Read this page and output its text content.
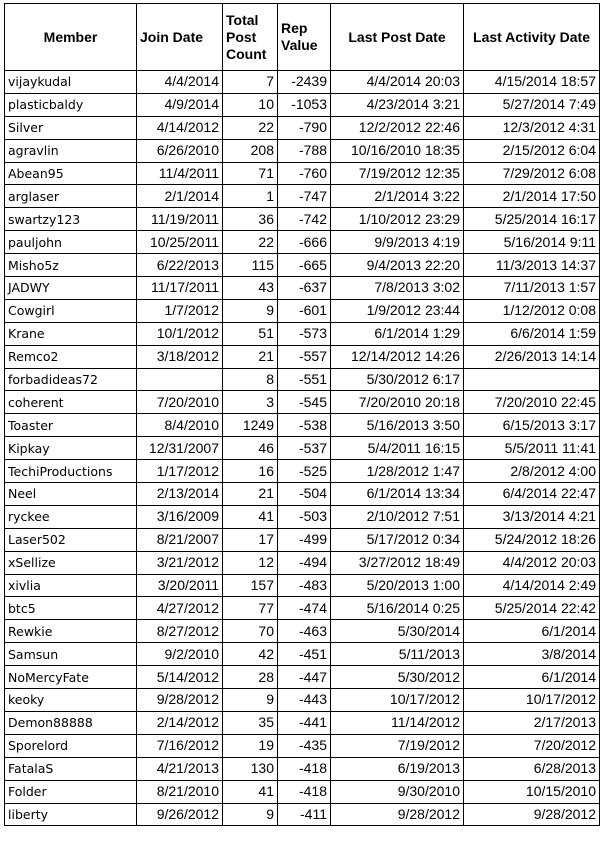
Member	Join Date	Total Post Count	Rep Value	Last Post Date	Last Activity Date
vijaykudal	4/4/2014	7	-2439	4/4/2014 20:03	4/15/2014 18:57
plasticbaldy	4/9/2014	10	-1053	4/23/2014 3:21	5/27/2014 7:49
Silver	4/14/2012	22	-790	12/2/2012 22:46	12/3/2012 4:31
agravlin	6/26/2010	208	-788	10/16/2010 18:35	2/15/2012 6:04
Abean95	11/4/2011	71	-760	7/19/2012 12:35	7/29/2012 6:08
arglaser	2/1/2014	1	-747	2/1/2014 3:22	2/1/2014 17:50
swartzy123	11/19/2011	36	-742	1/10/2012 23:29	5/25/2014 16:17
pauljohn	10/25/2011	22	-666	9/9/2013 4:19	5/16/2014 9:11
Misho5z	6/22/2013	115	-665	9/4/2013 22:20	11/3/2013 14:37
JADWY	11/17/2011	43	-637	7/8/2013 3:02	7/11/2013 1:57
Cowgirl	1/7/2012	9	-601	1/9/2012 23:44	1/12/2012 0:08
Krane	10/1/2012	51	-573	6/1/2014 1:29	6/6/2014 1:59
Remco2	3/18/2012	21	-557	12/14/2012 14:26	2/26/2013 14:14
forbadideas72		8	-551	5/30/2012 6:17	
coherent	7/20/2010	3	-545	7/20/2010 20:18	7/20/2010 22:45
Toaster	8/4/2010	1249	-538	5/16/2013 3:50	6/15/2013 3:17
Kipkay	12/31/2007	46	-537	5/4/2011 16:15	5/5/2011 11:41
TechiProductions	1/17/2012	16	-525	1/28/2012 1:47	2/8/2012 4:00
Neel	2/13/2014	21	-504	6/1/2014 13:34	6/4/2014 22:47
ryckee	3/16/2009	41	-503	2/10/2012 7:51	3/13/2014 4:21
Laser502	8/21/2007	17	-499	5/17/2012 0:34	5/24/2012 18:26
xSellize	3/21/2012	12	-494	3/27/2012 18:49	4/4/2012 20:03
xivlia	3/20/2011	157	-483	5/20/2013 1:00	4/14/2014 2:49
btc5	4/27/2012	77	-474	5/16/2014 0:25	5/25/2014 22:42
Rewkie	8/27/2012	70	-463	5/30/2014	6/1/2014
Samsun	9/2/2010	42	-451	5/11/2013	3/8/2014
NoMercyFate	5/14/2012	28	-447	5/30/2012	6/1/2014
keoky	9/28/2012	9	-443	10/17/2012	10/17/2012
Demon88888	2/14/2012	35	-441	11/14/2012	2/17/2013
Sporelord	7/16/2012	19	-435	7/19/2012	7/20/2012
FatalaS	4/21/2013	130	-418	6/19/2013	6/28/2013
Folder	8/21/2010	41	-418	9/30/2010	10/15/2010
liberty	9/26/2012	9	-411	9/28/2012	9/28/2012
